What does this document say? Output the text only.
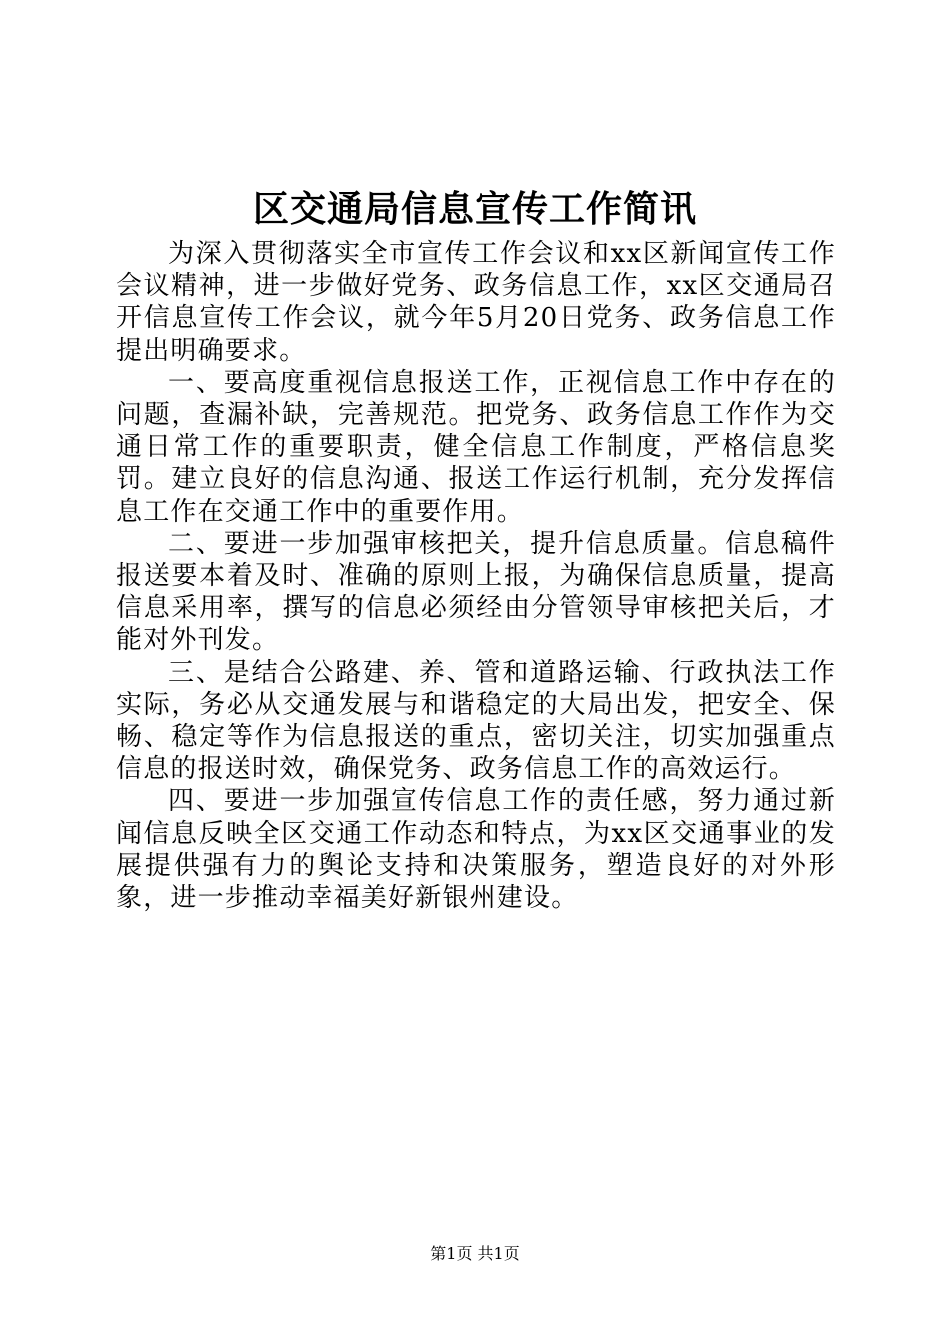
区交通局信息宣传工作简讯

为深入贯彻落实全市宣传工作会议和xx区新闻宣传工作会议精神，进一步做好党务、政务信息工作，xx区交通局召开信息宣传工作会议，就今年5月20日党务、政务信息工作提出明确要求。

一、要高度重视信息报送工作，正视信息工作中存在的问题，查漏补缺，完善规范。把党务、政务信息工作作为交通日常工作的重要职责，健全信息工作制度，严格信息奖罚。建立良好的信息沟通、报送工作运行机制，充分发挥信息工作在交通工作中的重要作用。

二、要进一步加强审核把关，提升信息质量。信息稿件报送要本着及时、准确的原则上报，为确保信息质量，提高信息采用率，撰写的信息必须经由分管领导审核把关后，才能对外刊发。

三、是结合公路建、养、管和道路运输、行政执法工作实际，务必从交通发展与和谐稳定的大局出发，把安全、保畅、稳定等作为信息报送的重点，密切关注，切实加强重点信息的报送时效，确保党务、政务信息工作的高效运行。

四、要进一步加强宣传信息工作的责任感，努力通过新闻信息反映全区交通工作动态和特点，为xx区交通事业的发展提供强有力的舆论支持和决策服务，塑造良好的对外形象，进一步推动幸福美好新银州建设。

第1页 共1页
